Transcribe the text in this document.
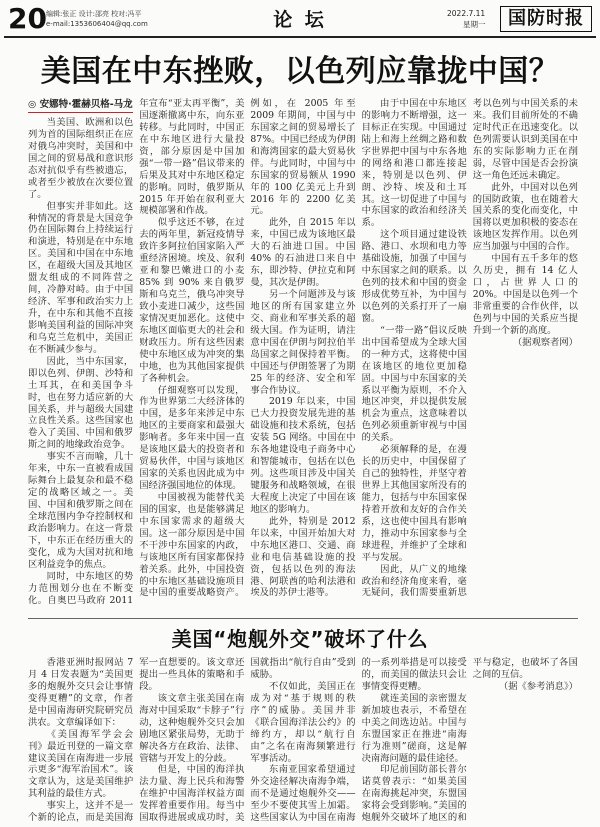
20 编辑:张正 设计:邵亮 校对:冯平
e-mail:1353606404@qq.com	论 坛	2022.7.11
星期一	国防时报
美国在中东挫败，以色列应靠拢中国？
◎ 安娜特·霍赫贝格-马龙

当美国、欧洲和以色列为首的国际组织正在应对俄乌冲突时，美国和中国之间的贸易战和意识形态对抗似乎有些被遗忘，或者至少被放在次要位置了。

但事实并非如此。这种情况的背景是大国竞争仍在国际舞台上持续运行和演进，特别是在中东地区。美国和中国在中东地区，在超级大国及其地区盟友组成的不同阵营之间，冷静对峙。由于中国经济、军事和政治实力上升，在中东和其他不直接影响美国利益的国际冲突和乌克兰危机中，美国正在不断减少参与。

因此，当中东国家，即以色列、伊朗、沙特和土耳其，在和美国争斗时，也在努力适应新的大国关系，并与超级大国建立良性关系。这些国家也卷入了美国、中国和俄罗斯之间的地缘政治竞争。

事实不言而喻，几十年来，中东一直被看成国际舞台上最复杂和最不稳定的战略区域之一。美国、中国和俄罗斯之间在全球范围内争夺控制权和政治影响力。在这一背景下，中东正在经历重大的变化，成为大国对抗和地区利益竞争的焦点。

同时，中东地区的势力范围划分也在不断变化。自奥巴马政府 2011 年宣布“亚太再平衡”，美国逐渐撤离中东，向东亚转移。与此同时，中国正在中东地区进行大量投资，部分原因是中国加强“一带一路”倡议带来的后果及其对中东地区稳定的影响。同时，俄罗斯从 2015 年开始在叙利亚大规模部署和作战。

似乎这还不够，在过去的两年里，新冠疫情导致许多阿拉伯国家陷入严重经济困境。埃及、叙利亚和黎巴嫩进口的小麦 85% 到 90% 来自俄罗斯和乌克兰，俄乌冲突导致小麦进口减少，这些国家情况更加恶化。这使中东地区面临更大的社会和财政压力。所有这些因素使中东地区成为冲突的集中地，也为其他国家提供了各种机会。

仔细观察可以发现，作为世界第二大经济体的中国，是多年来涉足中东地区的主要商家和最强大影响者。多年来中国一直是该地区最大的投资者和贸易伙伴，中国与该地区国家的关系也因此成为中国经济强国地位的体现。

中国被视为能替代美国的国家，也是能够满足中东国家需求的超级大国。这一部分原因是中国不干涉中东国家的内政，与该地区所有国家都保持着关系。此外，中国投资的中东地区基础设施项目是中国的重要战略资产。例如，在 2005 年至 2009 年期间，中国与中东国家之间的贸易增长了 87%。中国已经成为伊朗和海湾国家的最大贸易伙伴。与此同时，中国与中东国家的贸易额从 1990 年的 100 亿美元上升到 2016 年的 2200 亿美元。

此外，自 2015 年以来，中国已成为该地区最大的石油进口国。中国 40% 的石油进口来自中东，即沙特、伊拉克和阿曼，其次是伊朗。

另一个问题涉及与该地区的所有国家建立外交、商业和军事关系的超级大国。作为证明，请注意中国在伊朗与阿拉伯半岛国家之间保持着平衡。中国还与伊朗签署了为期 25 年的经济、安全和军事合作协议。

2019 年以来，中国已大力投资发展先进的基础设施和技术系统，包括安装 5G 网络。中国在中东各地建设电子商务中心和智能城市，包括在以色列。这些项目涉及中国关键服务和战略领域，在很大程度上决定了中国在该地区的影响力。

此外，特别是 2012 年以来，中国开始加大对中东地区港口、交通、商业和电信基础设施的投资，包括以色列的海法港、阿联酋的哈利法港和埃及的苏伊士港等。

由于中国在中东地区的影响力不断增强，这一目标正在实现。中国通过陆上和海上丝绸之路和数字世界把中国与中东各地的网络和港口都连接起来，特别是以色列、伊朗、沙特、埃及和土耳其。这一切促进了中国与中东国家的政治和经济关系。

这个项目通过建设铁路、港口、水坝和电力等基础设施，加强了中国与中东国家之间的联系。以色列的技术和中国的资金形成优势互补，为中国与以色列的关系打开了一扇窗。

“一带一路”倡议反映出中国希望成为全球大国的一种方式，这将使中国在该地区的地位更加稳固。中国与中东国家的关系以平衡为原则，不介入地区冲突，并以提供发展机会为重点，这意味着以色列必须重新审视与中国的关系。

必须解释的是，在漫长的历史中，中国保留了自己的独特性，并坚守着世界上其他国家所没有的能力，包括与中东国家保持着开放和友好的合作关系，这也使中国具有影响力，推动中东国家参与全球进程，并维护了全球和平与发展。

因此，从广义的地缘政治和经济角度来看，毫无疑问，我们需要重新思考以色列与中国关系的未来。我们目前所处的不确定时代正在迅速变化。以色列需要认识到美国在中东的实际影响力正在削弱，尽管中国是否会扮演这一角色还远未确定。

此外，中国对以色列的国防政策，也在随着大国关系的变化而变化，中国将以更加积极的姿态在该地区发挥作用。以色列应当加强与中国的合作。

中国有五千多年的悠久历史，拥有 14 亿人口，占世界人口的 20%。中国是以色列一个非常重要的合作伙伴，以色列与中国的关系应当提升到一个新的高度。

（据观察者网）

美国“炮舰外交”破坏了什么

香港亚洲时报网站 7 月 4 日发表题为“美国更多的炮舰外交只会让事情变得更糟”的文章，作者是中国南海研究院研究员洪农。文章编译如下：

《美国海军学会会刊》最近刊登的一篇文章建议美国在南海进一步展示更多“海军治国术”。该文章认为，这是美国维护其利益的最佳方式。

事实上，这并不是一个新的论点，而是美国海军一直想要的。该文章还提出一些具体的策略和手段。

该文章主张美国在南海对中国采取“卡脖子”行动，这种炮舰外交只会加剧地区紧张局势，无助于解决各方在政治、法律、管辖与开发上的分歧。

但是，中国的海洋执法力量、海上民兵和海警在维护中国海洋权益方面发挥着重要作用。每当中国取得进展或成功时，美国就指出“航行自由”受到威胁。

不仅如此，美国正在成为对“基于规则的秩序”的威胁。美国并非《联合国海洋法公约》的缔约方，却以“航行自由”之名在南海频繁进行军事活动。

东南亚国家希望通过外交途径解决南海争端，而不是通过炮舰外交——至少不要使其雪上加霜。这些国家认为中国在南海的一系列举措是可以接受的，而美国的做法只会让事情变得更糟。

就连美国的亲密盟友新加坡也表示，不希望在中美之间选边站。中国与东盟国家正在推进“南海行为准则”磋商，这是解决南海问题的最佳途径。

印尼前国防部长普尔诺莫曾表示：“如果美国在南海挑起冲突，东盟国家将会受到影响。”美国的炮舰外交破坏了地区的和平与稳定，也破坏了各国之间的互信。

（据《参考消息》）
